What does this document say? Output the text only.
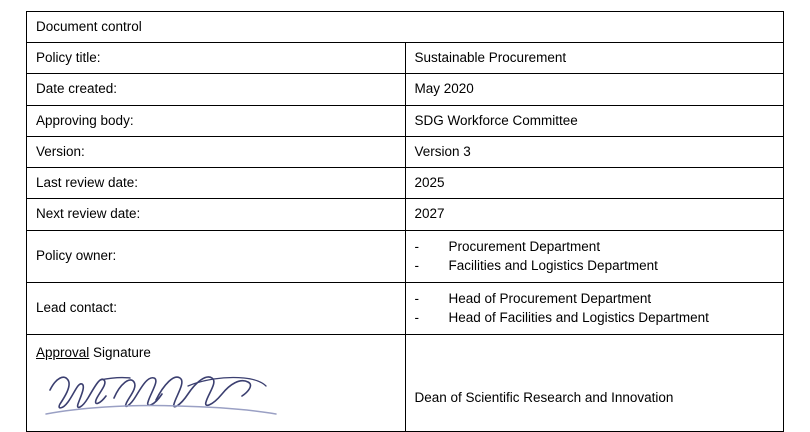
Document control	
Policy title:	Sustainable Procurement
Date created:	May 2020
Approving body:	SDG Workforce Committee
Version:	Version 3
Last review date:	2025
Next review date:	2027
Policy owner:	
-	Procurement Department
-	Facilities and Logistics Department

Lead contact:	
-	Head of Procurement Department
-	Head of Facilities and Logistics Department

Approval Signature	Dean of Scientific Research and Innovation
